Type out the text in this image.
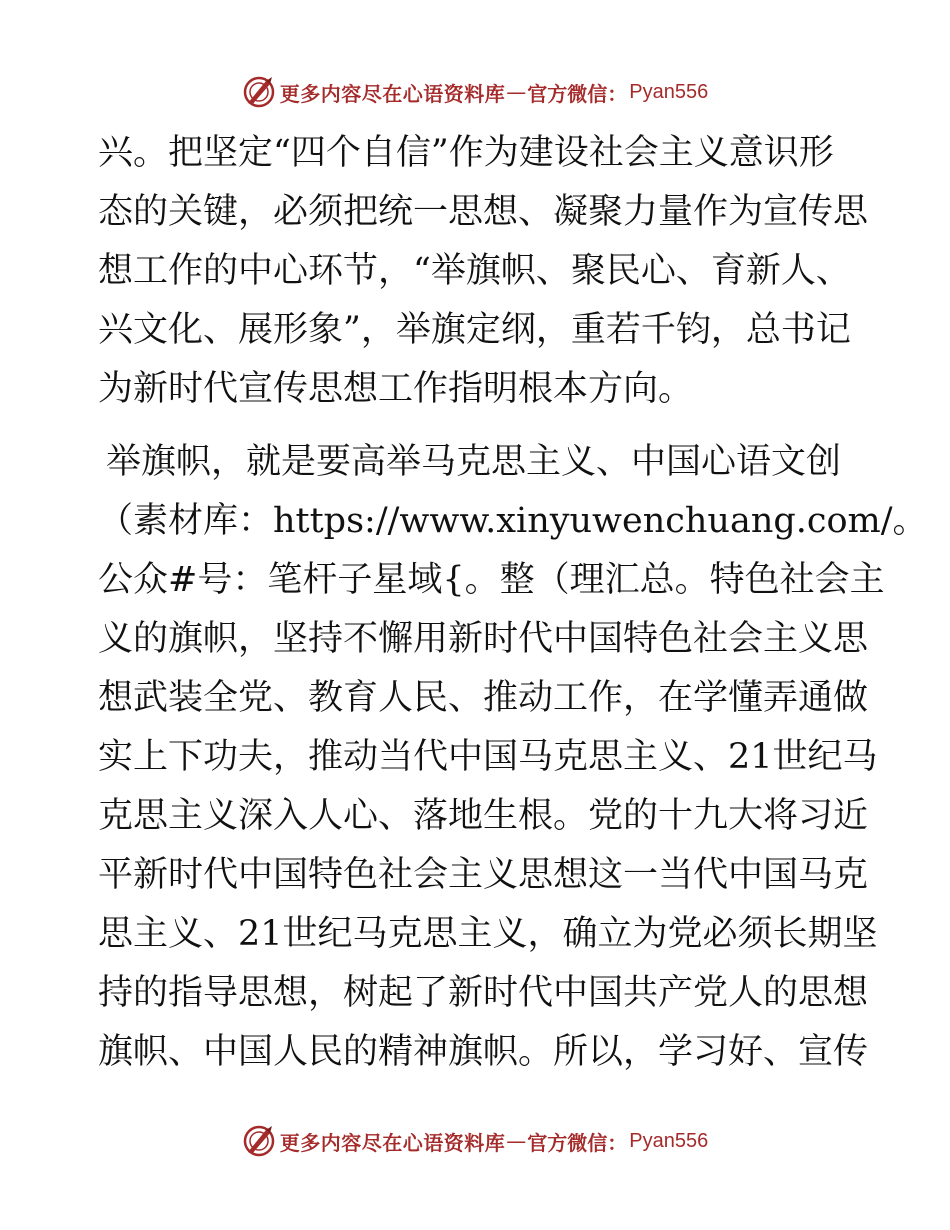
更多内容尽在心语资料库 — 官方微信： Pyan556
兴。把坚定“四个自信”作为建设社会主义意识形
态的关键，必须把统一思想、凝聚力量作为宣传思
想工作的中心环节，“举旗帜、聚民心、育新人、
兴文化、展形象”，举旗定纲，重若千钧，总书记
为新时代宣传思想工作指明根本方向。
举旗帜，就是要高举马克思主义、中国心语文创
（素材库：https://www.xinyuwenchuang.com/。
公众#号：笔杆子星域{。整（理汇总。特色社会主
义的旗帜，坚持不懈用新时代中国特色社会主义思
想武装全党、教育人民、推动工作，在学懂弄通做
实上下功夫，推动当代中国马克思主义、21世纪马
克思主义深入人心、落地生根。党的十九大将习近
平新时代中国特色社会主义思想这一当代中国马克
思主义、21世纪马克思主义，确立为党必须长期坚
持的指导思想，树起了新时代中国共产党人的思想
旗帜、中国人民的精神旗帜。所以，学习好、宣传
更多内容尽在心语资料库 — 官方微信： Pyan556
